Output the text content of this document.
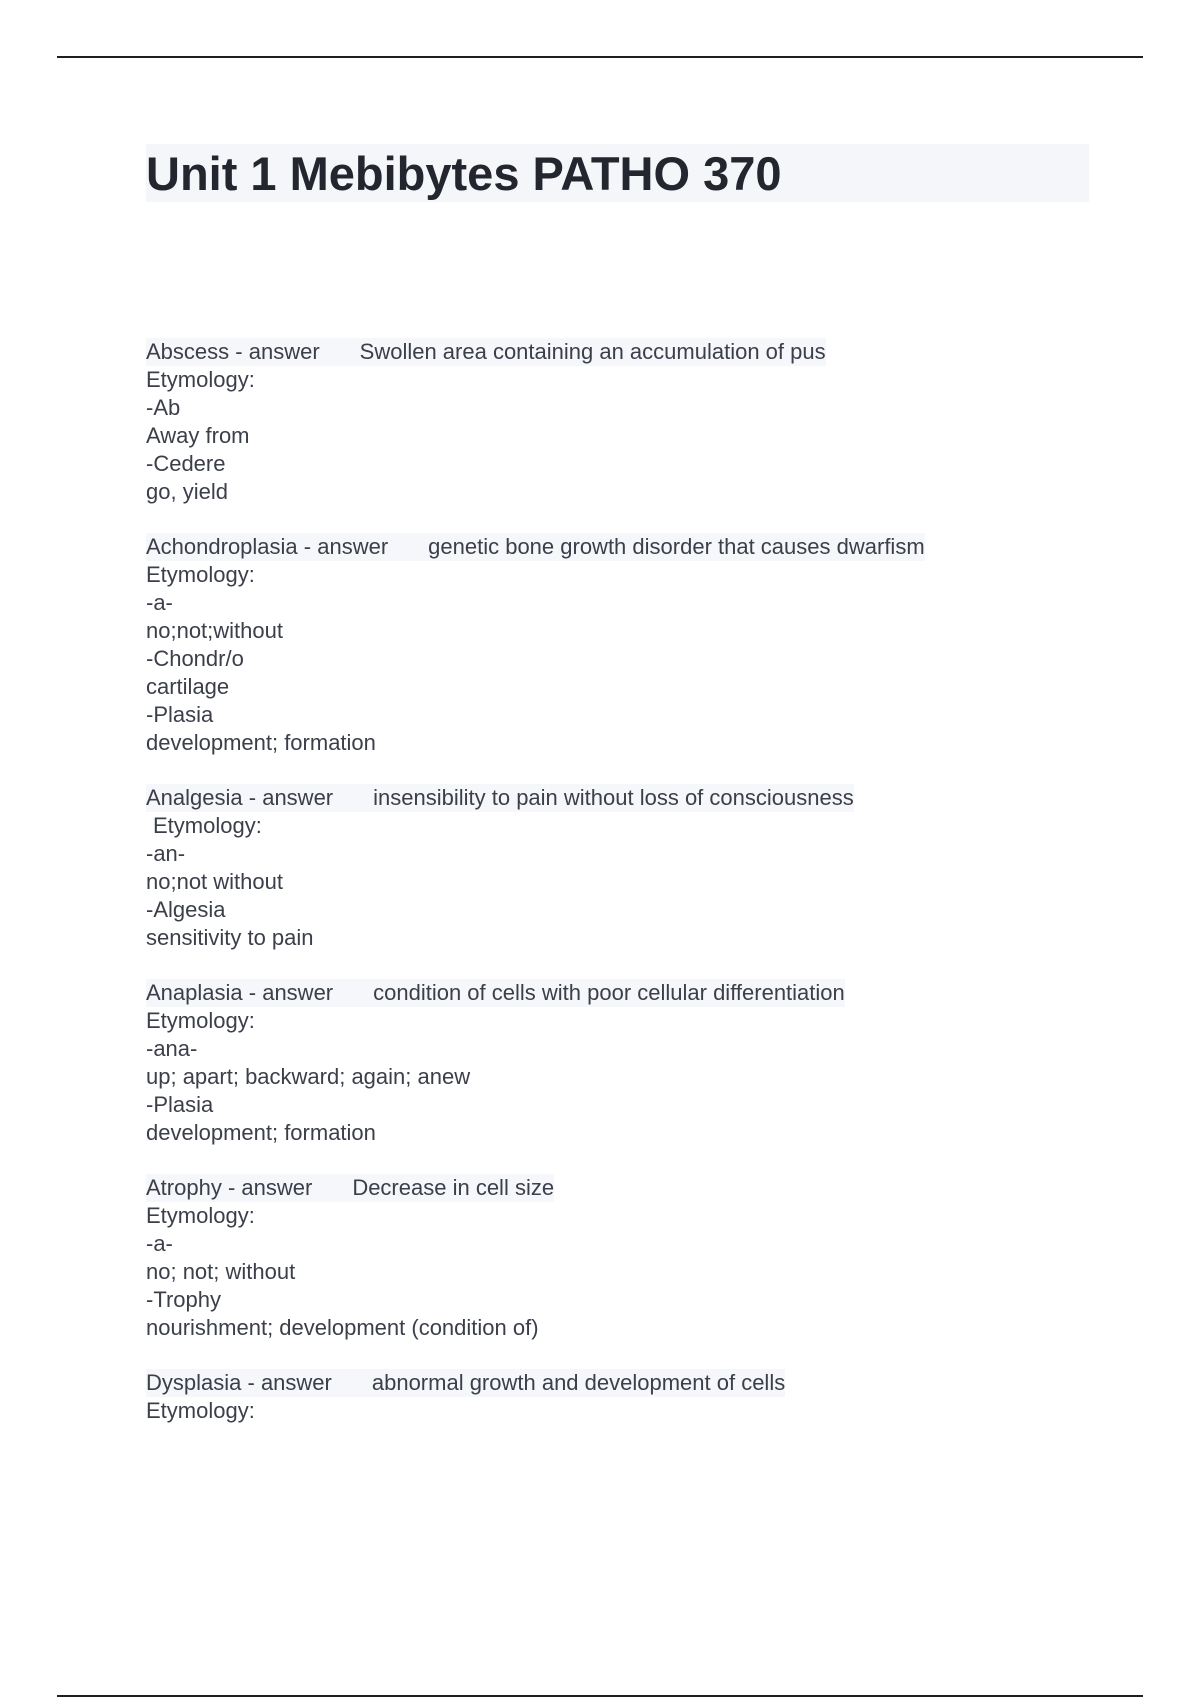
Unit 1 Mebibytes PATHO 370
Abscess - answer Swollen area containing an accumulation of pus
Etymology:
-Ab
Away from
-Cedere
go, yield
Achondroplasia - answer genetic bone growth disorder that causes dwarfism
Etymology:
-a-
no;not;without
-Chondr/o
cartilage
-Plasia
development; formation
Analgesia - answer insensibility to pain without loss of consciousness
Etymology:
-an-
no;not without
-Algesia
sensitivity to pain
Anaplasia - answer condition of cells with poor cellular differentiation
Etymology:
-ana-
up; apart; backward; again; anew
-Plasia
development; formation
Atrophy - answer Decrease in cell size
Etymology:
-a-
no; not; without
-Trophy
nourishment; development (condition of)
Dysplasia - answer abnormal growth and development of cells
Etymology:
